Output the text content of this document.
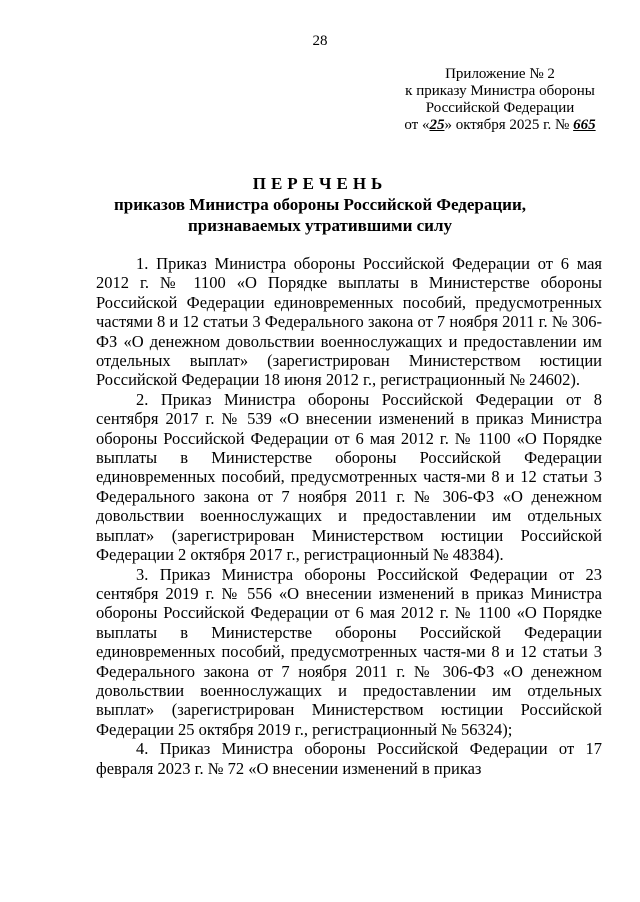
28
Приложение № 2
к приказу Министра обороны
Российской Федерации
от «25» октября 2025 г. № 665
ПЕРЕЧЕНЬ
приказов Министра обороны Российской Федерации,
признаваемых утратившими силу

1. Приказ Министра обороны Российской Федерации от 6 мая 2012 г. № 1100 «О Порядке выплаты в Министерстве обороны Российской Федерации единовременных пособий, предусмотренных частями 8 и 12 статьи 3 Федерального закона от 7 ноября 2011 г. № 306-ФЗ «О денежном довольствии военнослужащих и предоставлении им отдельных выплат» (зарегистрирован Министерством юстиции Российской Федерации 18 июня 2012 г., регистрационный № 24602).

2. Приказ Министра обороны Российской Федерации от 8 сентября 2017 г. № 539 «О внесении изменений в приказ Министра обороны Российской Федерации от 6 мая 2012 г. № 1100 «О Порядке выплаты в Министерстве обороны Российской Федерации единовременных пособий, предусмотренных частя-ми 8 и 12 статьи 3 Федерального закона от 7 ноября 2011 г. № 306-ФЗ «О денежном довольствии военнослужащих и предоставлении им отдельных выплат» (зарегистрирован Министерством юстиции Российской Федерации 2 октября 2017 г., регистрационный № 48384).

3. Приказ Министра обороны Российской Федерации от 23 сентября 2019 г. № 556 «О внесении изменений в приказ Министра обороны Российской Федерации от 6 мая 2012 г. № 1100 «О Порядке выплаты в Министерстве обороны Российской Федерации единовременных пособий, предусмотренных частя-ми 8 и 12 статьи 3 Федерального закона от 7 ноября 2011 г. № 306-ФЗ «О денежном довольствии военнослужащих и предоставлении им отдельных выплат» (зарегистрирован Министерством юстиции Российской Федерации 25 октября 2019 г., регистрационный № 56324);

4. Приказ Министра обороны Российской Федерации от 17 февраля 2023 г. № 72 «О внесении изменений в приказ
